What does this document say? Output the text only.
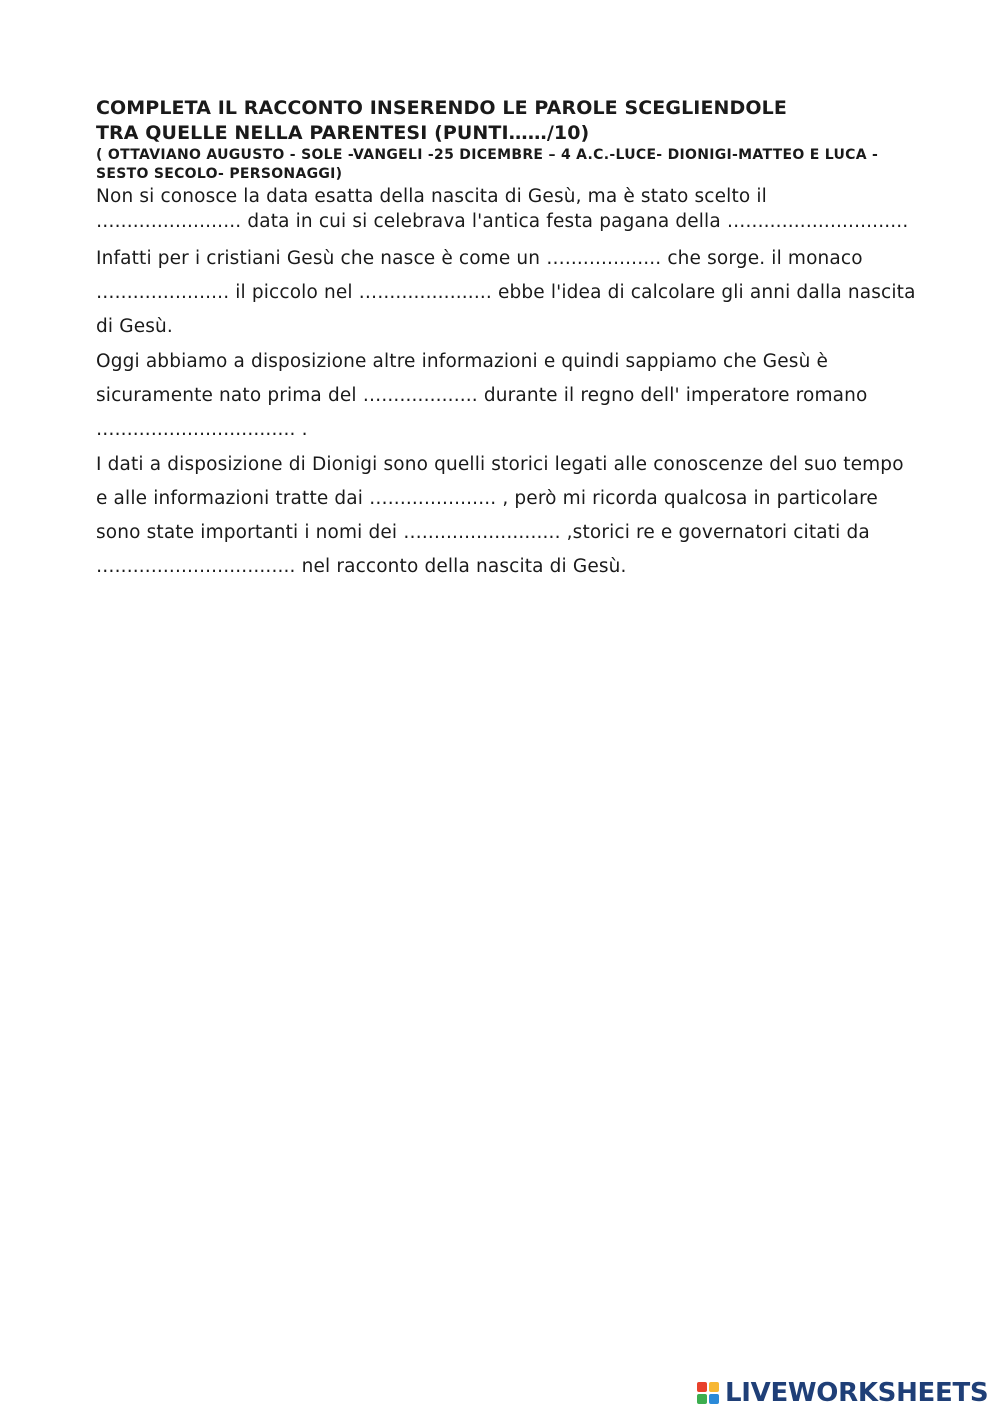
COMPLETA IL RACCONTO INSERENDO LE PAROLE SCEGLIENDOLE

TRA QUELLE NELLA PARENTESI (PUNTI……/10)

( OTTAVIANO AUGUSTO - SOLE -VANGELI -25 DICEMBRE – 4 A.C.-LUCE- DIONIGI-MATTEO E LUCA -SESTO SECOLO- PERSONAGGI)

Non si conosce la data esatta della nascita di Gesù, ma è stato scelto il …..................... data in cui si celebrava l'antica festa pagana della …...........................

Infatti per i cristiani Gesù che nasce è come un …................ che sorge. il monaco …................... il piccolo nel …................... ebbe l'idea di calcolare gli anni dalla nascita di Gesù.

Oggi abbiamo a disposizione altre informazioni e quindi sappiamo che Gesù è sicuramente nato prima del …................ durante il regno dell' imperatore romano ….............................. .

I dati a disposizione di Dionigi sono quelli storici legati alle conoscenze del suo tempo e alle informazioni tratte dai ….................. , però mi ricorda qualcosa in particolare sono state importanti i nomi dei …....................... ,storici re e governatori citati da ….............................. nel racconto della nascita di Gesù.

LIVEWORKSHEETS
